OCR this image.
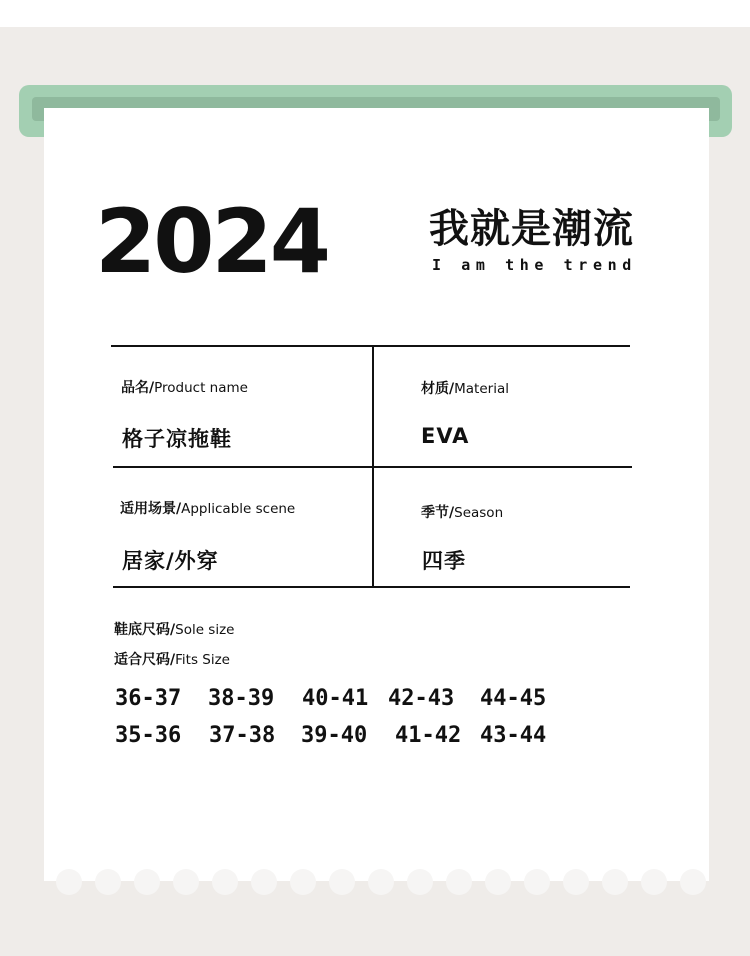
2024	我就是潮流
I am the trend
品名/Product name
格子凉拖鞋
材质/Material
EVA
适用场景/Applicable scene
居家/外穿
季节/Season
四季
鞋底尺码/Sole size
适合尺码/Fits Size
36-37 38-39 40-41 42-43 44-45
35-36 37-38 39-40 41-42 43-44
